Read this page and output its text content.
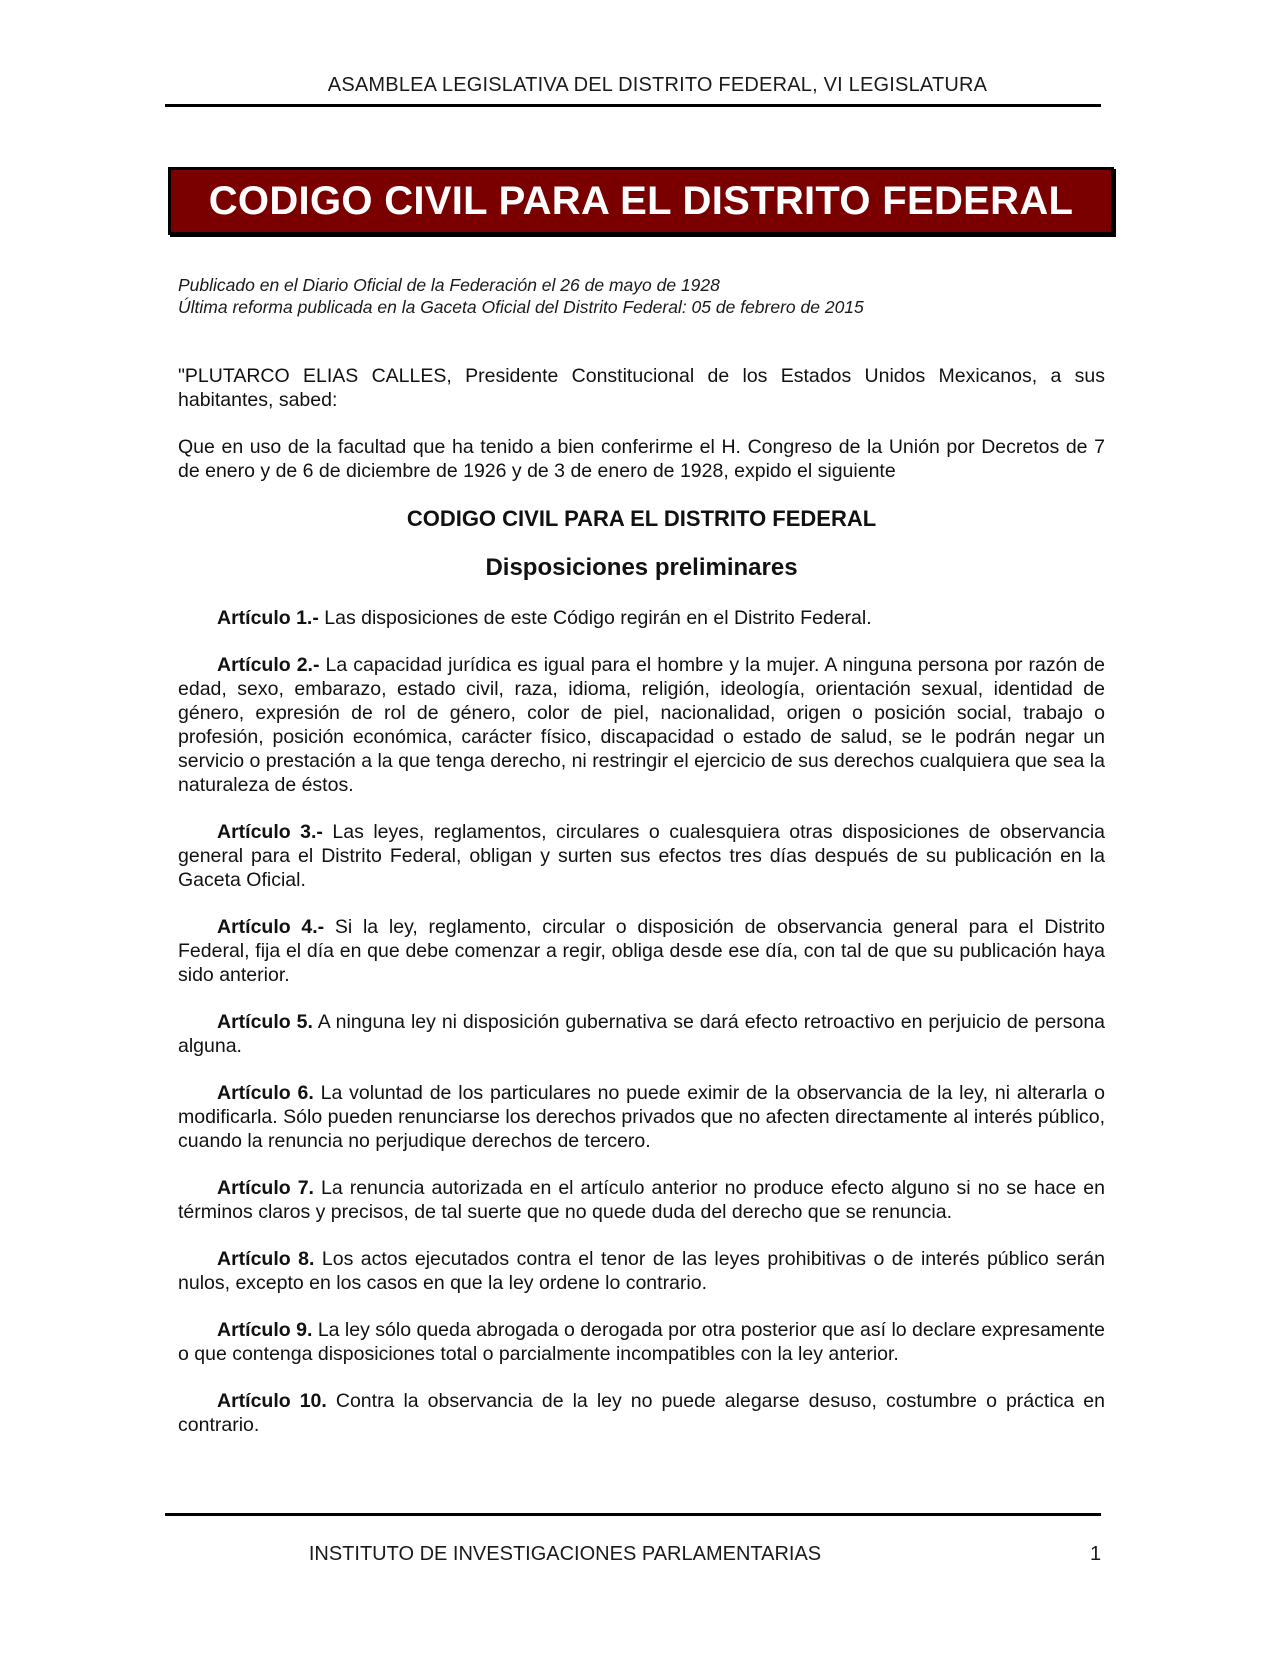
ASAMBLEA LEGISLATIVA DEL DISTRITO FEDERAL, VI LEGISLATURA
CODIGO CIVIL PARA EL DISTRITO FEDERAL
Publicado en el Diario Oficial de la Federación el 26 de mayo de 1928
Última reforma publicada en la Gaceta Oficial del Distrito Federal: 05 de febrero de 2015

"PLUTARCO ELIAS CALLES, Presidente Constitucional de los Estados Unidos Mexicanos, a sus habitantes, sabed:

Que en uso de la facultad que ha tenido a bien conferirme el H. Congreso de la Unión por Decretos de 7 de enero y de 6 de diciembre de 1926 y de 3 de enero de 1928, expido el siguiente

CODIGO CIVIL PARA EL DISTRITO FEDERAL
Disposiciones preliminares

Artículo 1.- Las disposiciones de este Código regirán en el Distrito Federal.

Artículo 2.- La capacidad jurídica es igual para el hombre y la mujer. A ninguna persona por razón de edad, sexo, embarazo, estado civil, raza, idioma, religión, ideología, orientación sexual, identidad de género, expresión de rol de género, color de piel, nacionalidad, origen o posición social, trabajo o profesión, posición económica, carácter físico, discapacidad o estado de salud, se le podrán negar un servicio o prestación a la que tenga derecho, ni restringir el ejercicio de sus derechos cualquiera que sea la naturaleza de éstos.

Artículo 3.- Las leyes, reglamentos, circulares o cualesquiera otras disposiciones de observancia general para el Distrito Federal, obligan y surten sus efectos tres días después de su publicación en la Gaceta Oficial.

Artículo 4.- Si la ley, reglamento, circular o disposición de observancia general para el Distrito Federal, fija el día en que debe comenzar a regir, obliga desde ese día, con tal de que su publicación haya sido anterior.

Artículo 5. A ninguna ley ni disposición gubernativa se dará efecto retroactivo en perjuicio de persona alguna.

Artículo 6. La voluntad de los particulares no puede eximir de la observancia de la ley, ni alterarla o modificarla. Sólo pueden renunciarse los derechos privados que no afecten directamente al interés público, cuando la renuncia no perjudique derechos de tercero.

Artículo 7. La renuncia autorizada en el artículo anterior no produce efecto alguno si no se hace en términos claros y precisos, de tal suerte que no quede duda del derecho que se renuncia.

Artículo 8. Los actos ejecutados contra el tenor de las leyes prohibitivas o de interés público serán nulos, excepto en los casos en que la ley ordene lo contrario.

Artículo 9. La ley sólo queda abrogada o derogada por otra posterior que así lo declare expresamente o que contenga disposiciones total o parcialmente incompatibles con la ley anterior.

Artículo 10. Contra la observancia de la ley no puede alegarse desuso, costumbre o práctica en contrario.

INSTITUTO DE INVESTIGACIONES PARLAMENTARIAS	1
